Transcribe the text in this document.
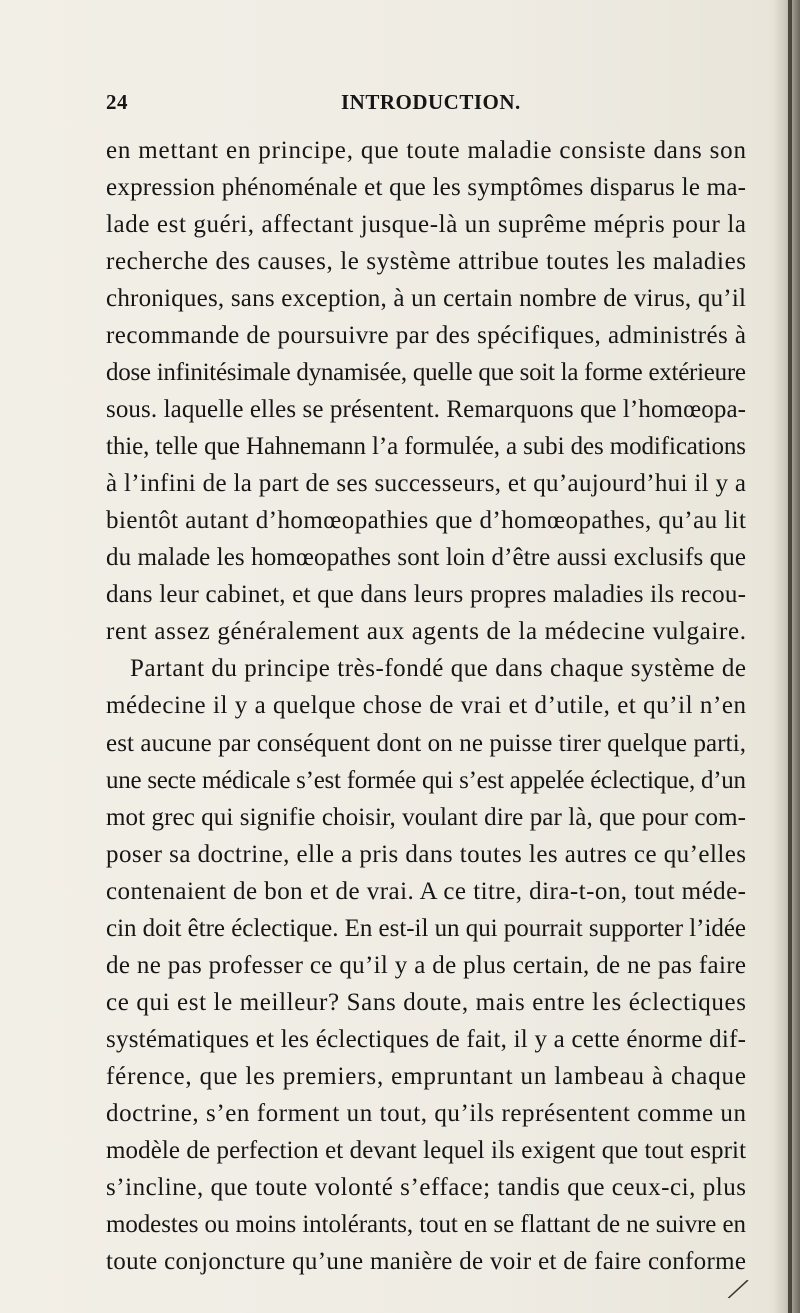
24	INTRODUCTION.
en mettant en principe, que toute maladie consiste dans son
expression phénoménale et que les symptômes disparus le ma-
lade est guéri, affectant jusque-là un suprême mépris pour la
recherche des causes, le système attribue toutes les maladies
chroniques, sans exception, à un certain nombre de virus, qu’il
recommande de poursuivre par des spécifiques, administrés à
dose infinitésimale dynamisée, quelle que soit la forme extérieure
sous. laquelle elles se présentent. Remarquons que l’homœopa-
thie, telle que Hahnemann l’a formulée, a subi des modifications
à l’infini de la part de ses successeurs, et qu’aujourd’hui il y a
bientôt autant d’homœopathies que d’homœopathes, qu’au lit
du malade les homœopathes sont loin d’être aussi exclusifs que
dans leur cabinet, et que dans leurs propres maladies ils recou-
rent assez généralement aux agents de la médecine vulgaire.
Partant du principe très-fondé que dans chaque système de
médecine il y a quelque chose de vrai et d’utile, et qu’il n’en
est aucune par conséquent dont on ne puisse tirer quelque parti,
une secte médicale s’est formée qui s’est appelée éclectique, d’un
mot grec qui signifie choisir, voulant dire par là, que pour com-
poser sa doctrine, elle a pris dans toutes les autres ce qu’elles
contenaient de bon et de vrai. A ce titre, dira-t-on, tout méde-
cin doit être éclectique. En est-il un qui pourrait supporter l’idée
de ne pas professer ce qu’il y a de plus certain, de ne pas faire
ce qui est le meilleur? Sans doute, mais entre les éclectiques
systématiques et les éclectiques de fait, il y a cette énorme dif-
férence, que les premiers, empruntant un lambeau à chaque
doctrine, s’en forment un tout, qu’ils représentent comme un
modèle de perfection et devant lequel ils exigent que tout esprit
s’incline, que toute volonté s’efface; tandis que ceux-ci, plus
modestes ou moins intolérants, tout en se flattant de ne suivre en
toute conjoncture qu’une manière de voir et de faire conforme
╱
